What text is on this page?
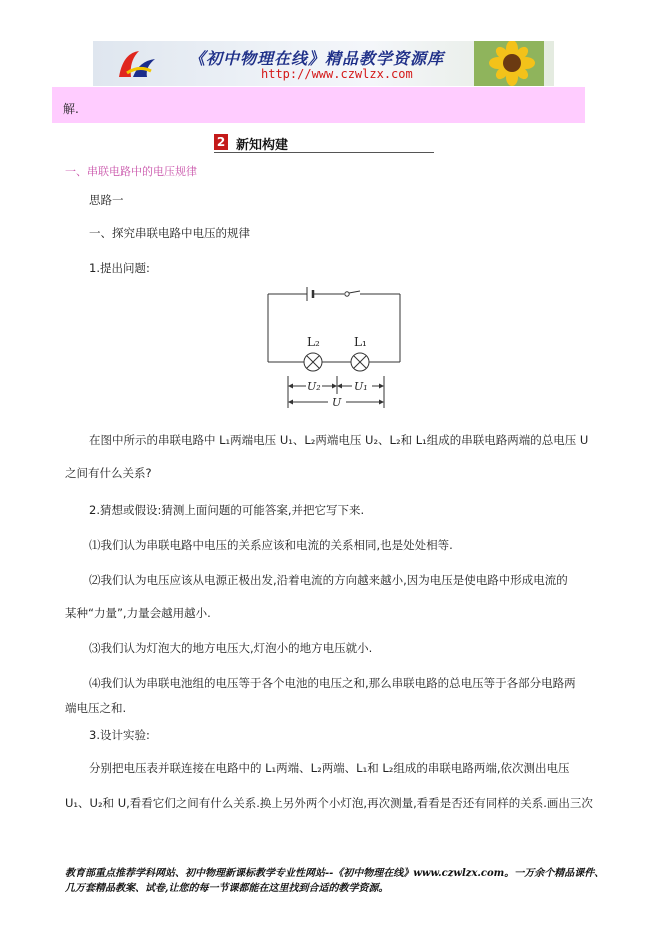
《初中物理在线》精品教学资源库
http://www.czwlzx.com
解.
2 新知构建
一、串联电路中的电压规律
思路一
一、探究串联电路中电压的规律
1.提出问题:
L₂	L₁
U₂	U₁
U
在图中所示的串联电路中 L₁两端电压 U₁、L₂两端电压 U₂、L₂和 L₁组成的串联电路两端的总电压 U
之间有什么关系?
2.猜想或假设:猜测上面问题的可能答案,并把它写下来.
⑴我们认为串联电路中电压的关系应该和电流的关系相同,也是处处相等.
⑵我们认为电压应该从电源正极出发,沿着电流的方向越来越小,因为电压是使电路中形成电流的
某种“力量”,力量会越用越小.
⑶我们认为灯泡大的地方电压大,灯泡小的地方电压就小.
⑷我们认为串联电池组的电压等于各个电池的电压之和,那么串联电路的总电压等于各部分电路两
端电压之和.
3.设计实验:
分别把电压表并联连接在电路中的 L₁两端、L₂两端、L₁和 L₂组成的串联电路两端,依次测出电压
U₁、U₂和 U,看看它们之间有什么关系.换上另外两个小灯泡,再次测量,看看是否还有同样的关系.画出三次
教育部重点推荐学科网站、初中物理新课标教学专业性网站--《初中物理在线》www.czwlzx.com。一万余个精品课件、
几万套精品教案、试卷,让您的每一节课都能在这里找到合适的教学资源。
